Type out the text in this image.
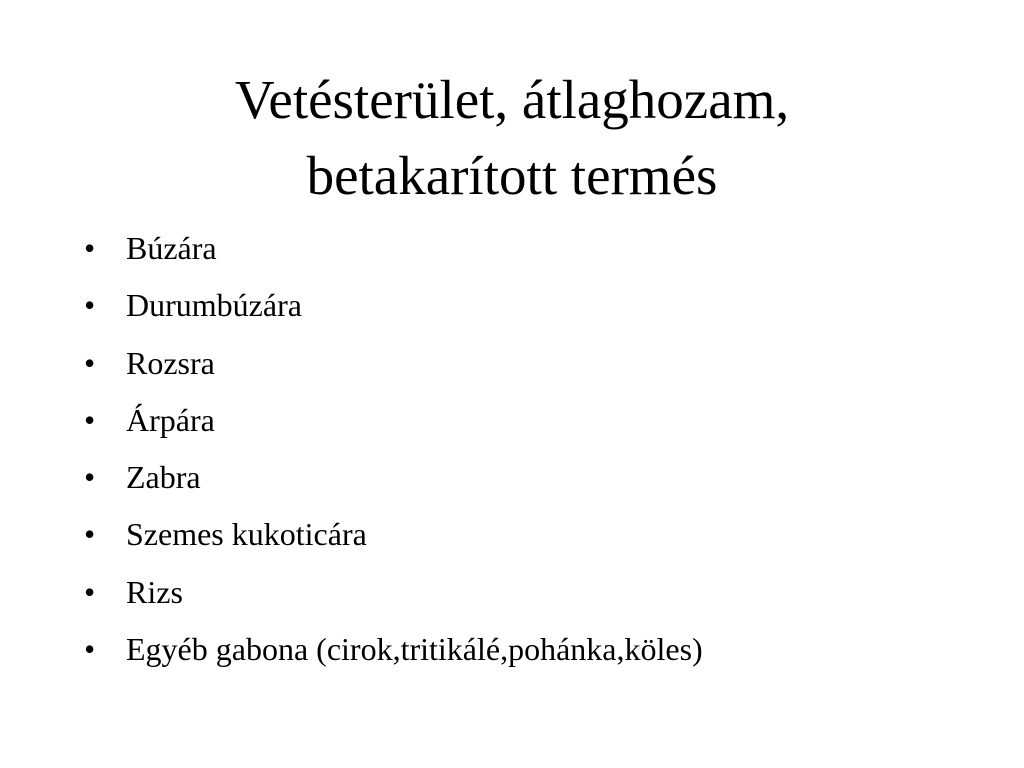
Vetésterület, átlaghozam,
betakarított termés
• Búzára
• Durumbúzára
• Rozsra
• Árpára
• Zabra
• Szemes kukoticára
• Rizs
• Egyéb gabona (cirok,tritikálé,pohánka,köles)
